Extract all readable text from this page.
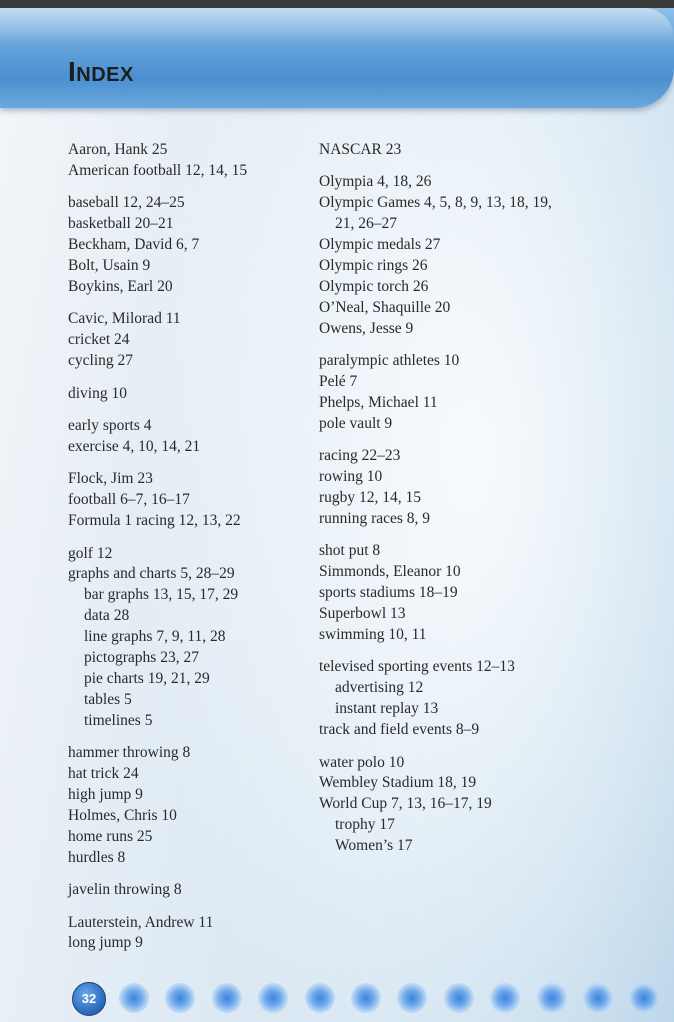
Index
Aaron, Hank 25
American football 12, 14, 15
baseball 12, 24–25
basketball 20–21
Beckham, David 6, 7
Bolt, Usain 9
Boykins, Earl 20
Cavic, Milorad 11
cricket 24
cycling 27
diving 10
early sports 4
exercise 4, 10, 14, 21
Flock, Jim 23
football 6–7, 16–17
Formula 1 racing 12, 13, 22
golf 12
graphs and charts 5, 28–29
bar graphs 13, 15, 17, 29
data 28
line graphs 7, 9, 11, 28
pictographs 23, 27
pie charts 19, 21, 29
tables 5
timelines 5
hammer throwing 8
hat trick 24
high jump 9
Holmes, Chris 10
home runs 25
hurdles 8
javelin throwing 8
Lauterstein, Andrew 11
long jump 9
NASCAR 23
Olympia 4, 18, 26
Olympic Games 4, 5, 8, 9, 13, 18, 19,
21, 26–27
Olympic medals 27
Olympic rings 26
Olympic torch 26
O’Neal, Shaquille 20
Owens, Jesse 9
paralympic athletes 10
Pelé 7
Phelps, Michael 11
pole vault 9
racing 22–23
rowing 10
rugby 12, 14, 15
running races 8, 9
shot put 8
Simmonds, Eleanor 10
sports stadiums 18–19
Superbowl 13
swimming 10, 11
televised sporting events 12–13
advertising 12
instant replay 13
track and field events 8–9
water polo 10
Wembley Stadium 18, 19
World Cup 7, 13, 16–17, 19
trophy 17
Women’s 17
32
